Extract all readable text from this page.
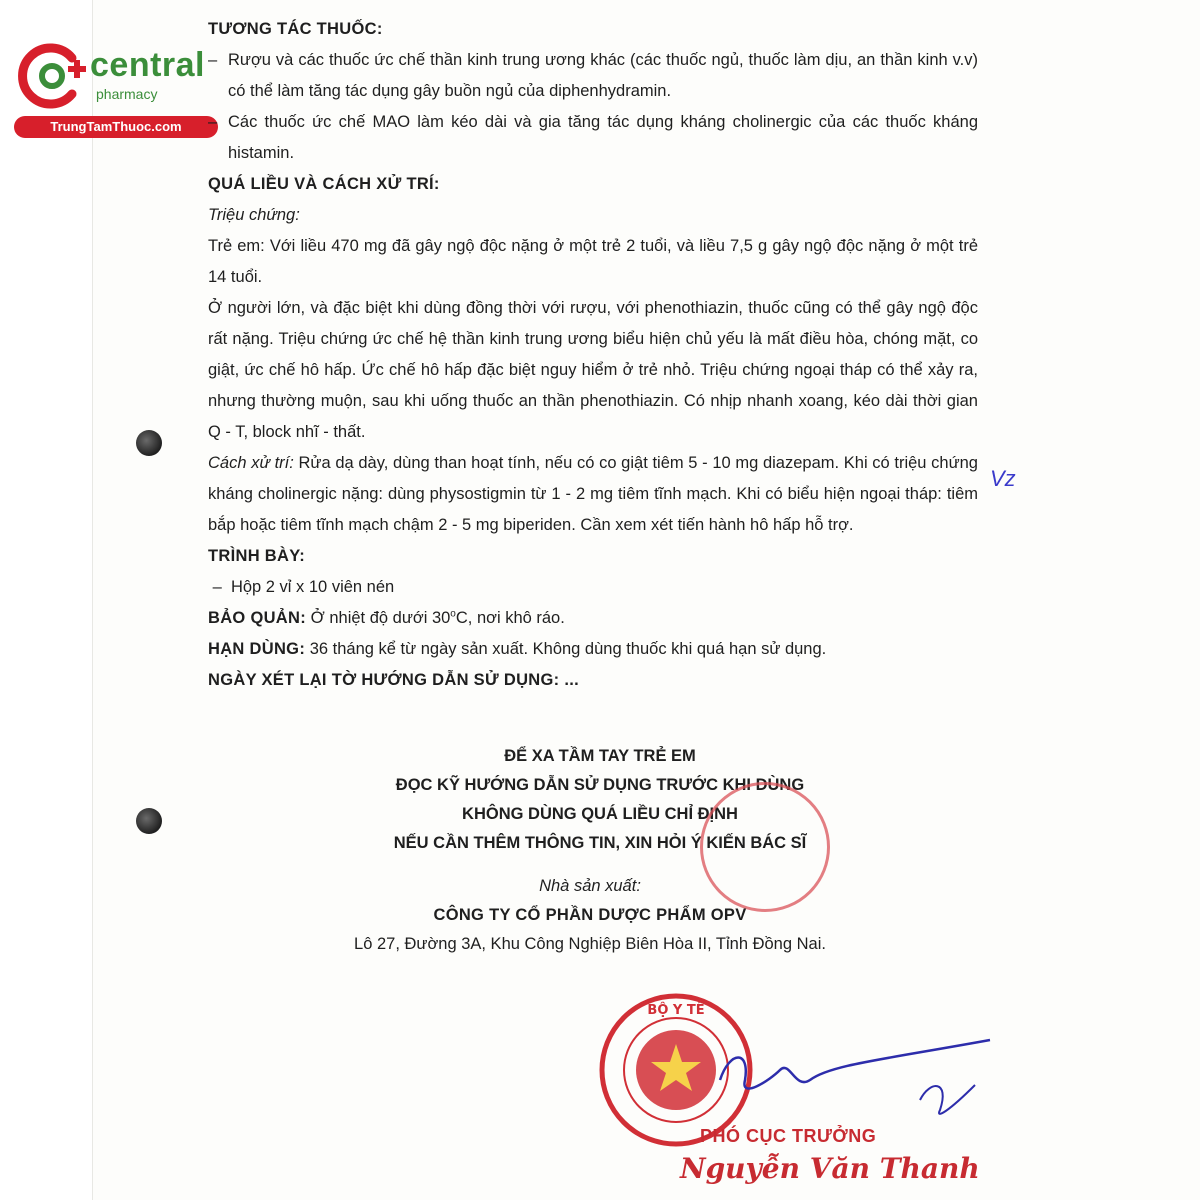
central
pharmacy
TrungTamThuoc.com

TƯƠNG TÁC THUỐC:

– Rượu và các thuốc ức chế thần kinh trung ương khác (các thuốc ngủ, thuốc làm dịu, an thần kinh v.v) có thể làm tăng tác dụng gây buồn ngủ của diphenhydramin.
– Các thuốc ức chế MAO làm kéo dài và gia tăng tác dụng kháng cholinergic của các thuốc kháng histamin.

QUÁ LIỀU VÀ CÁCH XỬ TRÍ:

Triệu chứng:

Trẻ em: Với liều 470 mg đã gây ngộ độc nặng ở một trẻ 2 tuổi, và liều 7,5 g gây ngộ độc nặng ở một trẻ 14 tuổi.

Ở người lớn, và đặc biệt khi dùng đồng thời với rượu, với phenothiazin, thuốc cũng có thể gây ngộ độc rất nặng. Triệu chứng ức chế hệ thần kinh trung ương biểu hiện chủ yếu là mất điều hòa, chóng mặt, co giật, ức chế hô hấp. Ức chế hô hấp đặc biệt nguy hiểm ở trẻ nhỏ. Triệu chứng ngoại tháp có thể xảy ra, nhưng thường muộn, sau khi uống thuốc an thần phenothiazin. Có nhịp nhanh xoang, kéo dài thời gian Q - T, block nhĩ - thất.

Cách xử trí: Rửa dạ dày, dùng than hoạt tính, nếu có co giật tiêm 5 - 10 mg diazepam. Khi có triệu chứng kháng cholinergic nặng: dùng physostigmin từ 1 - 2 mg tiêm tĩnh mạch. Khi có biểu hiện ngoại tháp: tiêm bắp hoặc tiêm tĩnh mạch chậm 2 - 5 mg biperiden. Cần xem xét tiến hành hô hấp hỗ trợ.

TRÌNH BÀY:

–  Hộp 2 vỉ x 10 viên nén

BẢO QUẢN: Ở nhiệt độ dưới 30$^o$C, nơi khô ráo.

HẠN DÙNG: 36 tháng kể từ ngày sản xuất. Không dùng thuốc khi quá hạn sử dụng.

NGÀY XÉT LẠI TỜ HƯỚNG DẪN SỬ DỤNG: ...

ĐỂ XA TẦM TAY TRẺ EM
ĐỌC KỸ HƯỚNG DẪN SỬ DỤNG TRƯỚC KHI DÙNG
KHÔNG DÙNG QUÁ LIỀU CHỈ ĐỊNH
NẾU CẦN THÊM THÔNG TIN, XIN HỎI Ý KIẾN BÁC SĨ
Nhà sản xuất:
CÔNG TY CỔ PHẦN DƯỢC PHẨM OPV
Lô 27, Đường 3A, Khu Công Nghiệp Biên Hòa II, Tỉnh Đồng Nai.
Vz
BỘ Y TẾ
PHÓ CỤC TRƯỞNG
Nguyễn Văn Thanh
